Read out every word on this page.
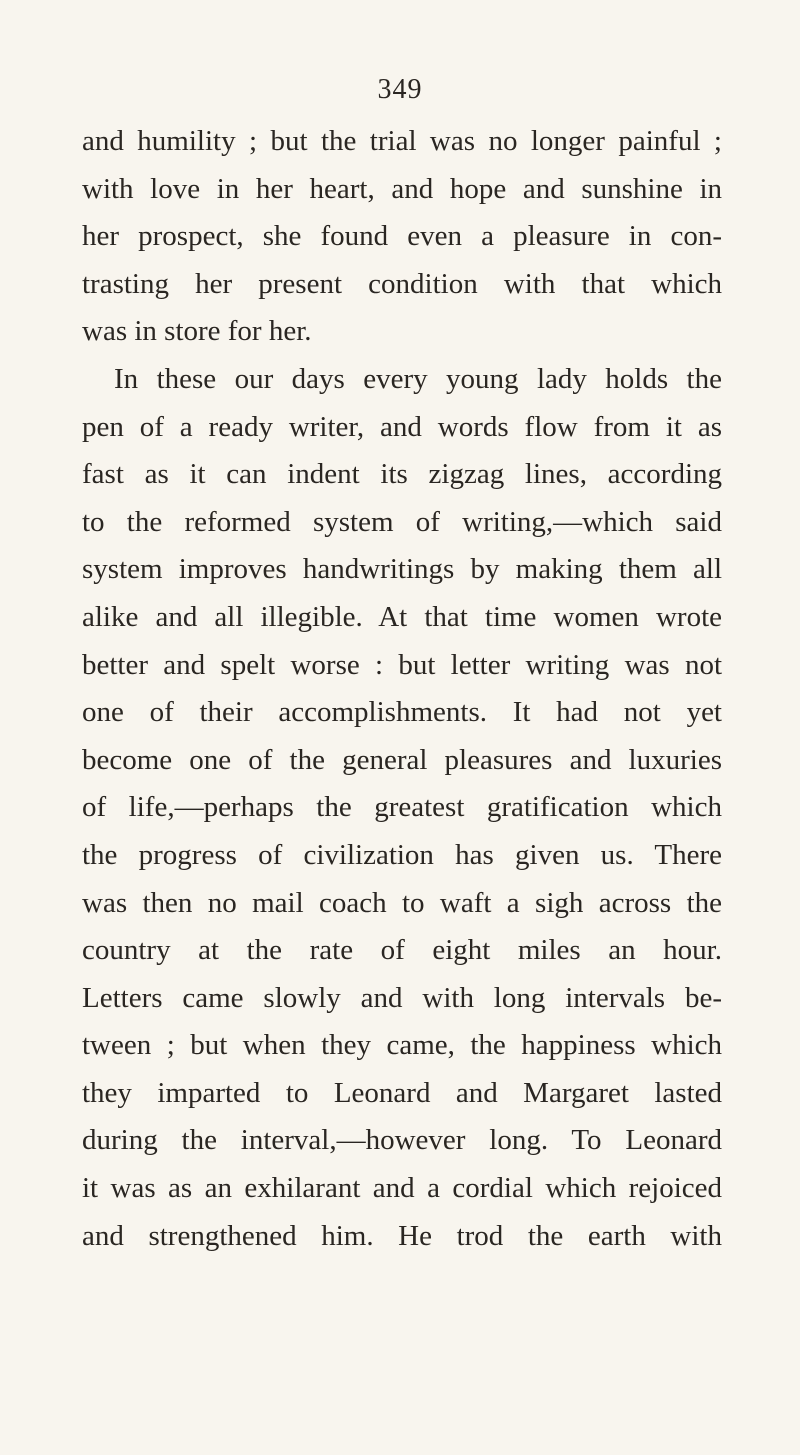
349
and humility ; but the trial was no longer painful ;
with love in her heart, and hope and sunshine in
her prospect, she found even a pleasure in con-
trasting her present condition with that which
was in store for her.
In these our days every young lady holds the
pen of a ready writer, and words flow from it as
fast as it can indent its zigzag lines, according
to the reformed system of writing,—which said
system improves handwritings by making them all
alike and all illegible. At that time women wrote
better and spelt worse : but letter writing was not
one of their accomplishments. It had not yet
become one of the general pleasures and luxuries
of life,—perhaps the greatest gratification which
the progress of civilization has given us. There
was then no mail coach to waft a sigh across the
country at the rate of eight miles an hour.
Letters came slowly and with long intervals be-
tween ; but when they came, the happiness which
they imparted to Leonard and Margaret lasted
during the interval,—however long. To Leonard
it was as an exhilarant and a cordial which rejoiced
and strengthened him. He trod the earth with
